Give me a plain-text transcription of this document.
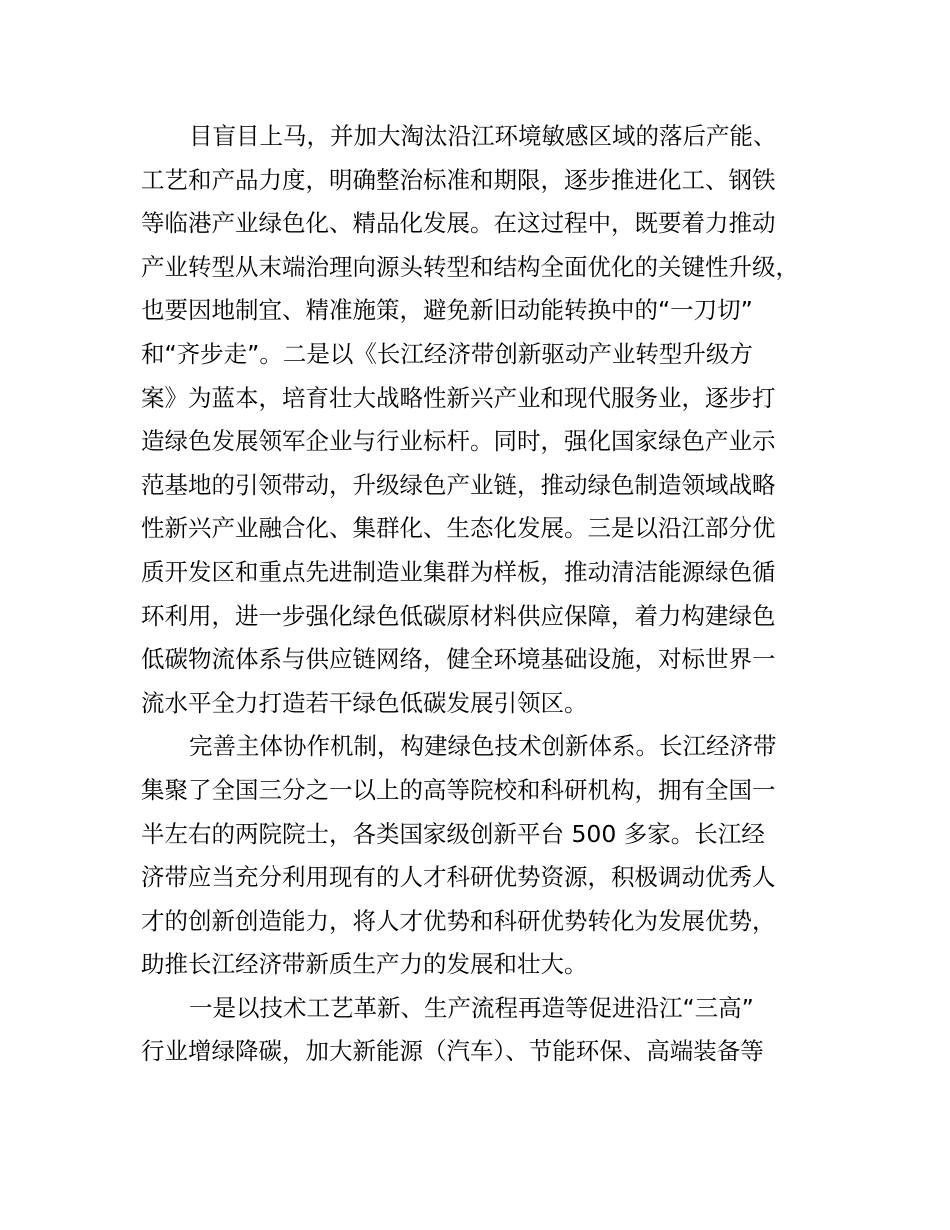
目盲目上马，并加大淘汰沿江环境敏感区域的落后产能、
工艺和产品力度，明确整治标准和期限，逐步推进化工、钢铁
等临港产业绿色化、精品化发展。在这过程中，既要着力推动
产业转型从末端治理向源头转型和结构全面优化的关键性升级，
也要因地制宜、精准施策，避免新旧动能转换中的“一刀切”
和“齐步走”。二是以《长江经济带创新驱动产业转型升级方
案》为蓝本，培育壮大战略性新兴产业和现代服务业，逐步打
造绿色发展领军企业与行业标杆。同时，强化国家绿色产业示
范基地的引领带动，升级绿色产业链，推动绿色制造领域战略
性新兴产业融合化、集群化、生态化发展。三是以沿江部分优
质开发区和重点先进制造业集群为样板，推动清洁能源绿色循
环利用，进一步强化绿色低碳原材料供应保障，着力构建绿色
低碳物流体系与供应链网络，健全环境基础设施，对标世界一
流水平全力打造若干绿色低碳发展引领区。
完善主体协作机制，构建绿色技术创新体系。长江经济带
集聚了全国三分之一以上的高等院校和科研机构，拥有全国一
半左右的两院院士，各类国家级创新平台 500 多家。长江经
济带应当充分利用现有的人才科研优势资源，积极调动优秀人
才的创新创造能力，将人才优势和科研优势转化为发展优势，
助推长江经济带新质生产力的发展和壮大。
一是以技术工艺革新、生产流程再造等促进沿江“三高”
行业增绿降碳，加大新能源（汽车）、节能环保、高端装备等
